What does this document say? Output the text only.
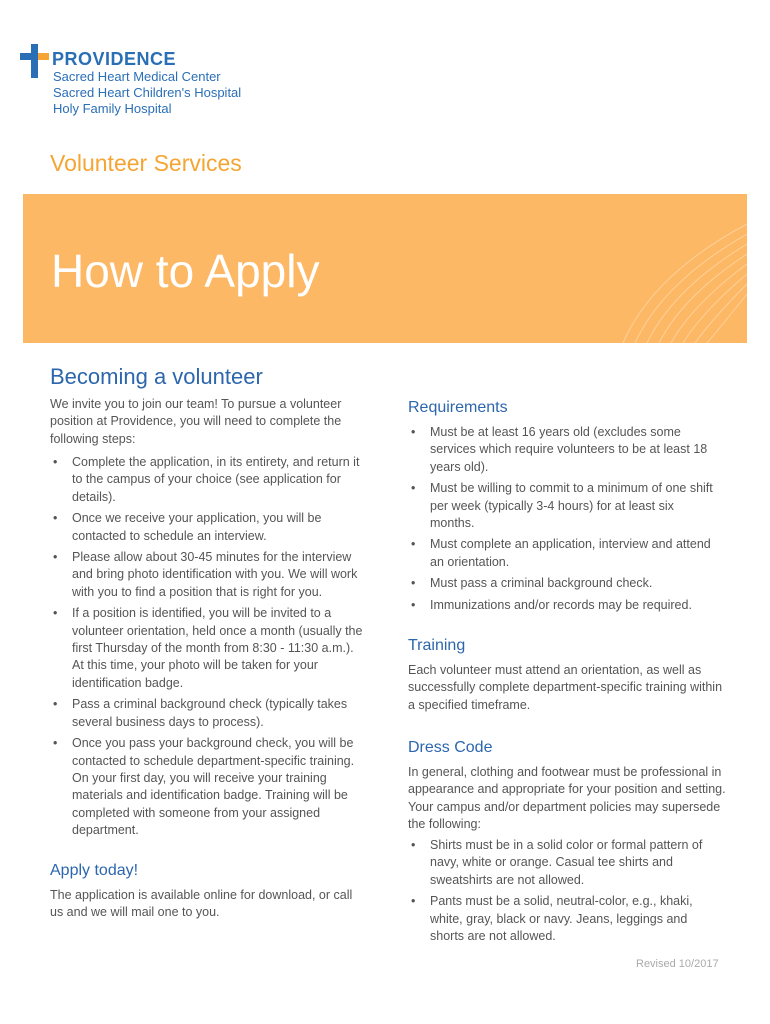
PROVIDENCE
Sacred Heart Medical Center
Sacred Heart Children's Hospital
Holy Family Hospital
Volunteer Services
How to Apply
Becoming a volunteer
We invite you to join our team! To pursue a volunteer position at Providence, you will need to complete the following steps:
• Complete the application, in its entirety, and return it to the campus of your choice (see application for details).
• Once we receive your application, you will be contacted to schedule an interview.
• Please allow about 30-45 minutes for the interview and bring photo identification with you. We will work with you to find a position that is right for you.
• If a position is identified, you will be invited to a volunteer orientation, held once a month (usually the first Thursday of the month from 8:30 - 11:30 a.m.). At this time, your photo will be taken for your identification badge.
• Pass a criminal background check (typically takes several business days to process).
• Once you pass your background check, you will be contacted to schedule department-specific training. On your first day, you will receive your training materials and identification badge. Training will be completed with someone from your assigned department.
Apply today!
The application is available online for download, or call us and we will mail one to you.
Requirements
• Must be at least 16 years old (excludes some services which require volunteers to be at least 18 years old).
• Must be willing to commit to a minimum of one shift per week (typically 3-4 hours) for at least six months.
• Must complete an application, interview and attend an orientation.
• Must pass a criminal background check.
• Immunizations and/or records may be required.
Training
Each volunteer must attend an orientation, as well as successfully complete department-specific training within a specified timeframe.
Dress Code
In general, clothing and footwear must be professional in appearance and appropriate for your position and setting. Your campus and/or department policies may supersede the following:
• Shirts must be in a solid color or formal pattern of navy, white or orange. Casual tee shirts and sweatshirts are not allowed.
• Pants must be a solid, neutral-color, e.g., khaki, white, gray, black or navy. Jeans, leggings and shorts are not allowed.
Revised 10/2017
